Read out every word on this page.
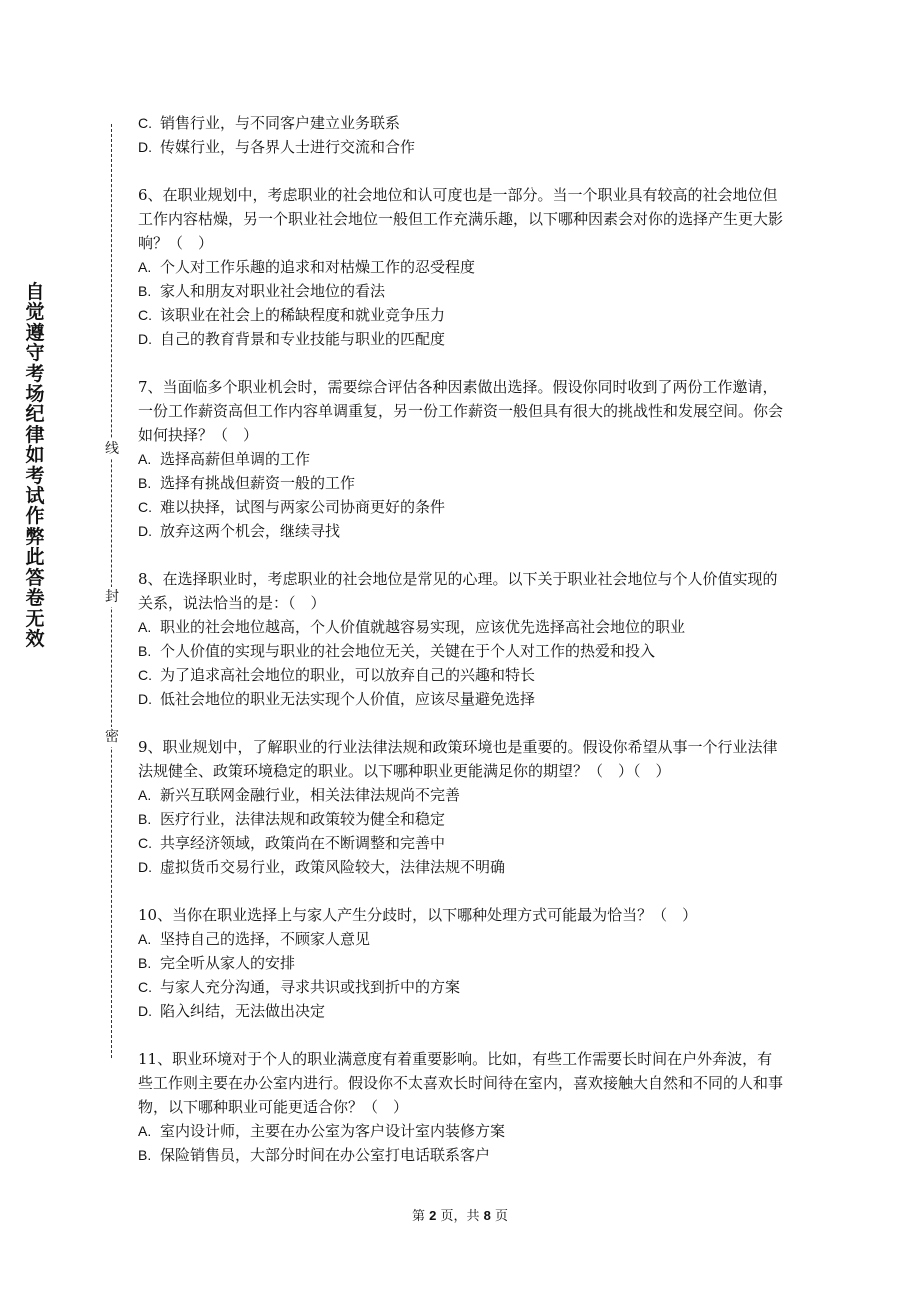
自觉遵守考场纪律如考试作弊此答卷无效
线
封
密

C. 销售行业，与不同客户建立业务联系

D. 传媒行业，与各界人士进行交流和合作

6、在职业规划中，考虑职业的社会地位和认可度也是一部分。当一个职业具有较高的社会地位但工作内容枯燥，另一个职业社会地位一般但工作充满乐趣，以下哪种因素会对你的选择产生更大影响？（　）

A. 个人对工作乐趣的追求和对枯燥工作的忍受程度

B. 家人和朋友对职业社会地位的看法

C. 该职业在社会上的稀缺程度和就业竞争压力

D. 自己的教育背景和专业技能与职业的匹配度

7、当面临多个职业机会时，需要综合评估各种因素做出选择。假设你同时收到了两份工作邀请，一份工作薪资高但工作内容单调重复，另一份工作薪资一般但具有很大的挑战性和发展空间。你会如何抉择？（　）

A. 选择高薪但单调的工作

B. 选择有挑战但薪资一般的工作

C. 难以抉择，试图与两家公司协商更好的条件

D. 放弃这两个机会，继续寻找

8、在选择职业时，考虑职业的社会地位是常见的心理。以下关于职业社会地位与个人价值实现的关系，说法恰当的是：（　）

A. 职业的社会地位越高，个人价值就越容易实现，应该优先选择高社会地位的职业

B. 个人价值的实现与职业的社会地位无关，关键在于个人对工作的热爱和投入

C. 为了追求高社会地位的职业，可以放弃自己的兴趣和特长

D. 低社会地位的职业无法实现个人价值，应该尽量避免选择

9、职业规划中，了解职业的行业法律法规和政策环境也是重要的。假设你希望从事一个行业法律法规健全、政策环境稳定的职业。以下哪种职业更能满足你的期望？（　）（　）

A. 新兴互联网金融行业，相关法律法规尚不完善

B. 医疗行业，法律法规和政策较为健全和稳定

C. 共享经济领域，政策尚在不断调整和完善中

D. 虚拟货币交易行业，政策风险较大，法律法规不明确

10、当你在职业选择上与家人产生分歧时，以下哪种处理方式可能最为恰当？（　）

A. 坚持自己的选择，不顾家人意见

B. 完全听从家人的安排

C. 与家人充分沟通，寻求共识或找到折中的方案

D. 陷入纠结，无法做出决定

11、职业环境对于个人的职业满意度有着重要影响。比如，有些工作需要长时间在户外奔波，有些工作则主要在办公室内进行。假设你不太喜欢长时间待在室内，喜欢接触大自然和不同的人和事物，以下哪种职业可能更适合你？（　）

A. 室内设计师，主要在办公室为客户设计室内装修方案

B. 保险销售员，大部分时间在办公室打电话联系客户

第 2 页，共 8 页
